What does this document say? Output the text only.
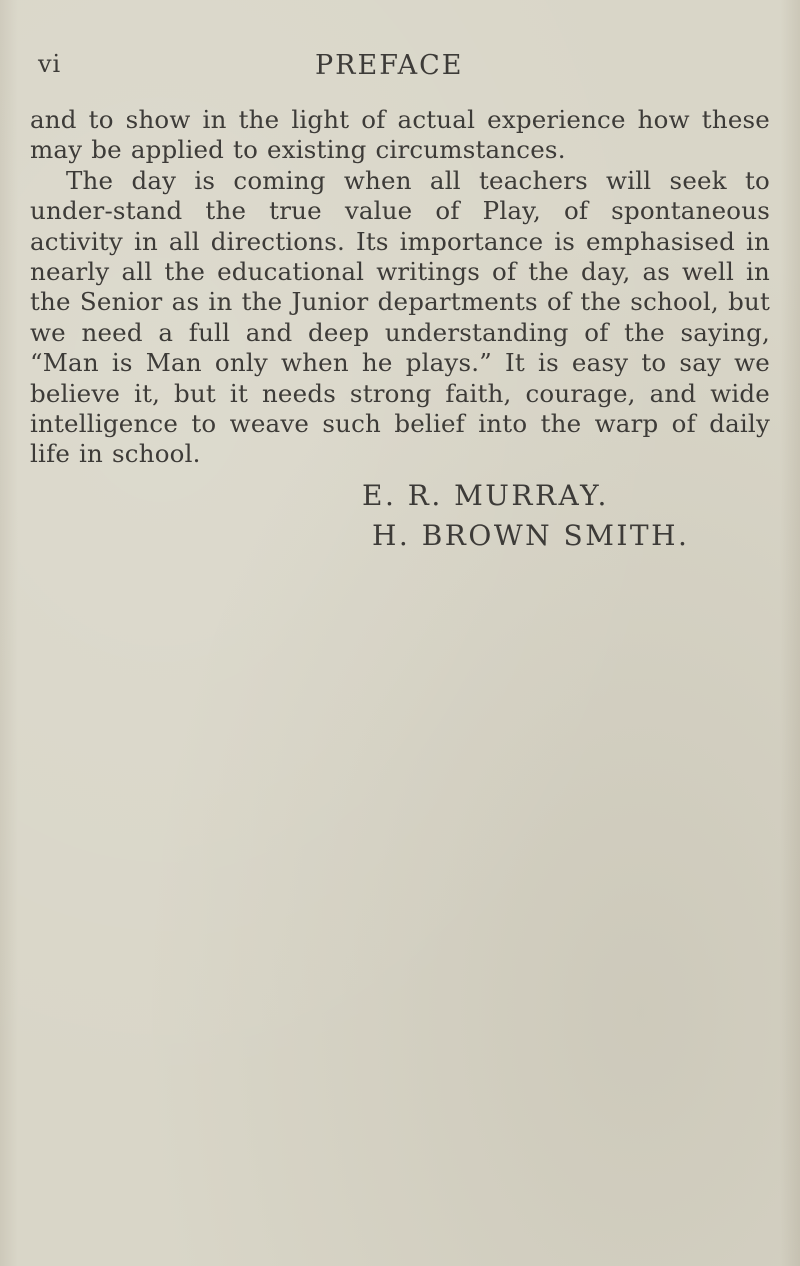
vi	PREFACE

and to show in the light of actual experience how these may be applied to existing circumstances.

The day is coming when all teachers will seek to under-stand the true value of Play, of spontaneous activity in all directions. Its importance is emphasised in nearly all the educational writings of the day, as well in the Senior as in the Junior departments of the school, but we need a full and deep understanding of the saying, “Man is Man only when he plays.” It is easy to say we believe it, but it needs strong faith, courage, and wide intelligence to weave such belief into the warp of daily life in school.

E. R. MURRAY.
H. BROWN SMITH.
